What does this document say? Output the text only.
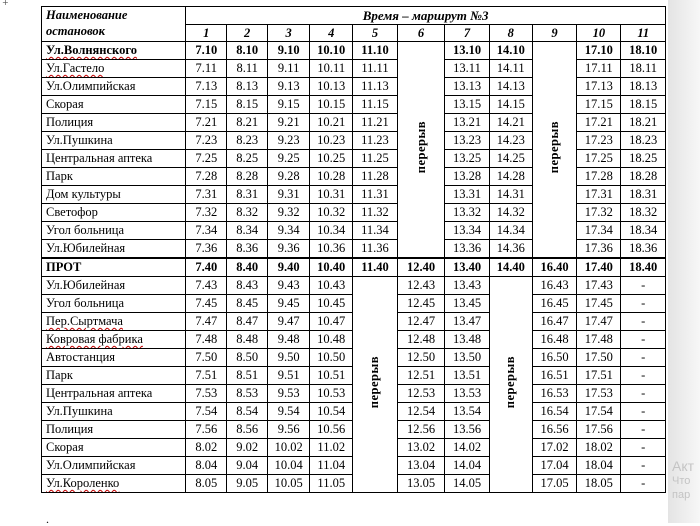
+
Наименование
остановок	Время – маршрут №3										
	1	2	3	4	5	6	7	8	9	10	11
Ул.Волнянского	7.10	8.10	9.10	10.10	11.10	перерыв	13.10	14.10	перерыв	17.10	18.10
Ул.Гастело	7.11	8.11	9.11	10.11	11.11		13.11	14.11		17.11	18.11
Ул.Олимпийская	7.13	8.13	9.13	10.13	11.13		13.13	14.13		17.13	18.13
Скорая	7.15	8.15	9.15	10.15	11.15		13.15	14.15		17.15	18.15
Полиция	7.21	8.21	9.21	10.21	11.21		13.21	14.21		17.21	18.21
Ул.Пушкина	7.23	8.23	9.23	10.23	11.23		13.23	14.23		17.23	18.23
Центральная аптека	7.25	8.25	9.25	10.25	11.25		13.25	14.25		17.25	18.25
Парк	7.28	8.28	9.28	10.28	11.28		13.28	14.28		17.28	18.28
Дом культуры	7.31	8.31	9.31	10.31	11.31		13.31	14.31		17.31	18.31
Светофор	7.32	8.32	9.32	10.32	11.32		13.32	14.32		17.32	18.32
Угол больница	7.34	8.34	9.34	10.34	11.34		13.34	14.34		17.34	18.34
Ул.Юбилейная	7.36	8.36	9.36	10.36	11.36		13.36	14.36		17.36	18.36
ПРОТ	7.40	8.40	9.40	10.40	11.40	12.40	13.40	14.40	16.40	17.40	18.40
Ул.Юбилейная	7.43	8.43	9.43	10.43	перерыв	12.43	13.43	перерыв	16.43	17.43	-
Угол больница	7.45	8.45	9.45	10.45		12.45	13.45		16.45	17.45	-
Пер.Сыртмача	7.47	8.47	9.47	10.47		12.47	13.47		16.47	17.47	-
Ковровая фабрика	7.48	8.48	9.48	10.48		12.48	13.48		16.48	17.48	-
Автостанция	7.50	8.50	9.50	10.50		12.50	13.50		16.50	17.50	-
Парк	7.51	8.51	9.51	10.51		12.51	13.51		16.51	17.51	-
Центральная аптека	7.53	8.53	9.53	10.53		12.53	13.53		16.53	17.53	-
Ул.Пушкина	7.54	8.54	9.54	10.54		12.54	13.54		16.54	17.54	-
Полиция	7.56	8.56	9.56	10.56		12.56	13.56		16.56	17.56	-
Скорая	8.02	9.02	10.02	11.02		13.02	14.02		17.02	18.02	-
Ул.Олимпийская	8.04	9.04	10.04	11.04		13.04	14.04		17.04	18.04	-
Ул.Короленко	8.05	9.05	10.05	11.05		13.05	14.05		17.05	18.05	-
Акт
Что
пар
.
